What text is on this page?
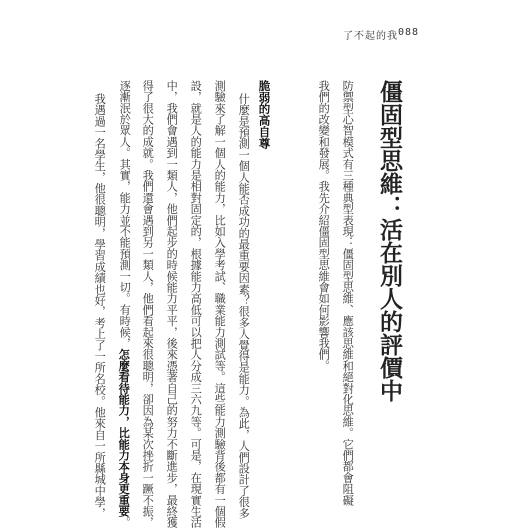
了不起的我 088
僵固型思維：活在別人的評價中
防禦型心智模式有三種典型表現：僵固型思維、應該思維和絕對化思維。它們都會阻礙
我們的改變和發展。我先介紹僵固型思維會如何影響我們。
脆弱的高自尊
什麼是預測一個人能否成功的最重要因素？很多人覺得是能力。為此，人們設計了很多
測驗來了解一個人的能力，比如入學考試、職業能力測試等。這些能力測驗背後都有一個假
設，就是人的能力是相對固定的，根據能力高低可以把人分成三六九等。可是，在現實生活
中，我們會遇到一類人，他們起步的時候能力平平，後來憑著自己的努力不斷進步，最終獲
得了很大的成就。我們還會遇到另一類人，他們看起來很聰明，卻因為某次挫折一蹶不振，
逐漸泯於眾人。其實，能力並不能預測一切。有時候，怎麼看待能力，比能力本身更重要。
我遇過一名學生，他很聰明，學習成績也好，考上了一所名校。他來自一所縣城中學，
